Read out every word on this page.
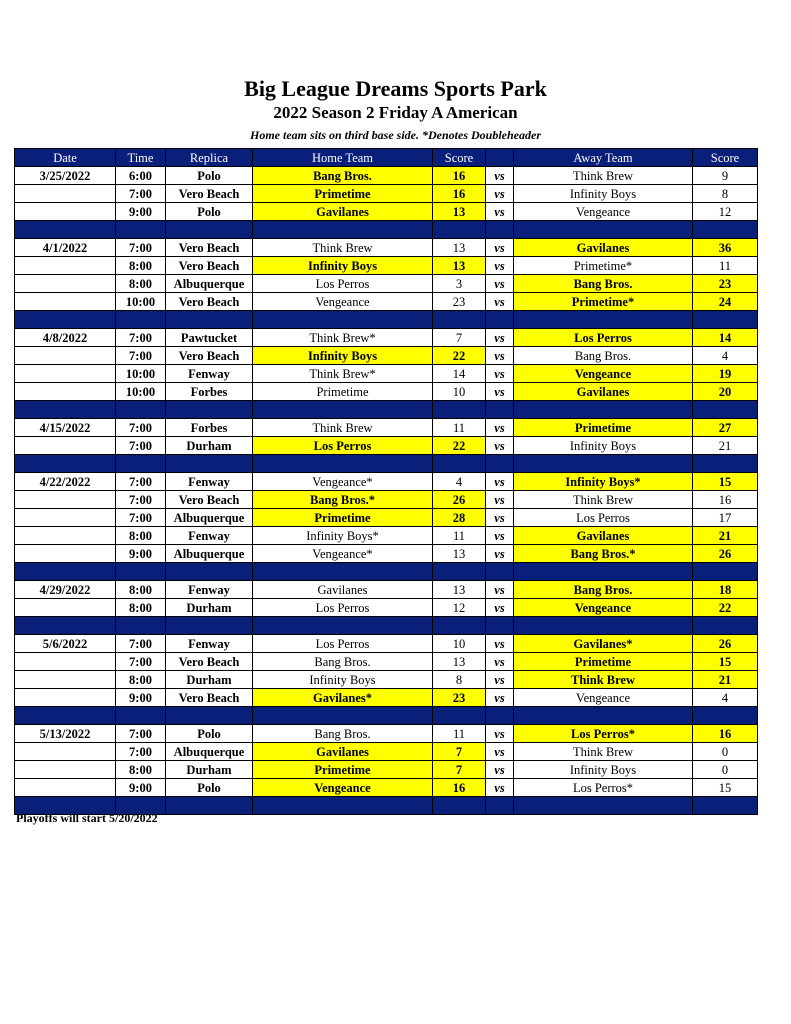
Big League Dreams Sports Park
2022 Season 2 Friday A American
Home team sits on third base side. *Denotes Doubleheader
Date	Time	Replica	Home Team	Score		Away Team	Score
3/25/2022	6:00	Polo	Bang Bros.	16	vs	Think Brew	9
	7:00	Vero Beach	Primetime	16	vs	Infinity Boys	8
	9:00	Polo	Gavilanes	13	vs	Vengeance	12

4/1/2022	7:00	Vero Beach	Think Brew	13	vs	Gavilanes	36
	8:00	Vero Beach	Infinity Boys	13	vs	Primetime*	11
	8:00	Albuquerque	Los Perros	3	vs	Bang Bros.	23
	10:00	Vero Beach	Vengeance	23	vs	Primetime*	24

4/8/2022	7:00	Pawtucket	Think Brew*	7	vs	Los Perros	14
	7:00	Vero Beach	Infinity Boys	22	vs	Bang Bros.	4
	10:00	Fenway	Think Brew*	14	vs	Vengeance	19
	10:00	Forbes	Primetime	10	vs	Gavilanes	20

4/15/2022	7:00	Forbes	Think Brew	11	vs	Primetime	27
	7:00	Durham	Los Perros	22	vs	Infinity Boys	21

4/22/2022	7:00	Fenway	Vengeance*	4	vs	Infinity Boys*	15
	7:00	Vero Beach	Bang Bros.*	26	vs	Think Brew	16
	7:00	Albuquerque	Primetime	28	vs	Los Perros	17
	8:00	Fenway	Infinity Boys*	11	vs	Gavilanes	21
	9:00	Albuquerque	Vengeance*	13	vs	Bang Bros.*	26

4/29/2022	8:00	Fenway	Gavilanes	13	vs	Bang Bros.	18
	8:00	Durham	Los Perros	12	vs	Vengeance	22

5/6/2022	7:00	Fenway	Los Perros	10	vs	Gavilanes*	26
	7:00	Vero Beach	Bang Bros.	13	vs	Primetime	15
	8:00	Durham	Infinity Boys	8	vs	Think Brew	21
	9:00	Vero Beach	Gavilanes*	23	vs	Vengeance	4

5/13/2022	7:00	Polo	Bang Bros.	11	vs	Los Perros*	16
	7:00	Albuquerque	Gavilanes	7	vs	Think Brew	0
	8:00	Durham	Primetime	7	vs	Infinity Boys	0
	9:00	Polo	Vengeance	16	vs	Los Perros*	15

Playoffs will start 5/20/2022
